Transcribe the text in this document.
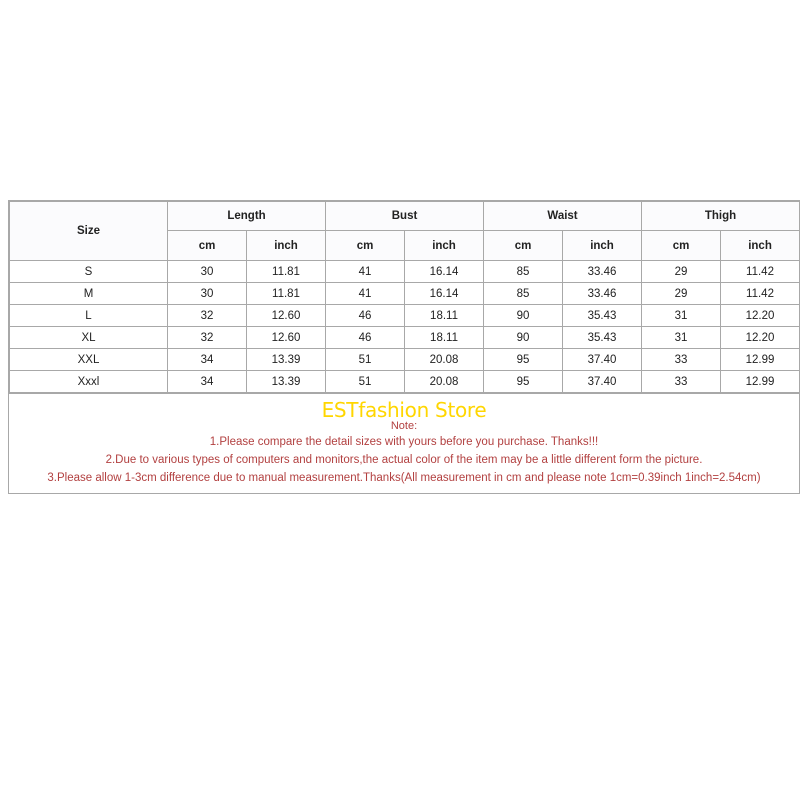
Size	Length		Bust		Waist		Thigh	
	cm	inch	cm	inch	cm	inch	cm	inch
S	30	11.81	41	16.14	85	33.46	29	11.42
M	30	11.81	41	16.14	85	33.46	29	11.42
L	32	12.60	46	18.11	90	35.43	31	12.20
XL	32	12.60	46	18.11	90	35.43	31	12.20
XXL	34	13.39	51	20.08	95	37.40	33	12.99
Xxxl	34	13.39	51	20.08	95	37.40	33	12.99
ESTfashion Store
Note:
1.Please compare the detail sizes with yours before you purchase. Thanks!!!
2.Due to various types of computers and monitors,the actual color of the item may be a little different form the picture.
3.Please allow 1-3cm difference due to manual measurement.Thanks(All measurement in cm and please note 1cm=0.39inch 1inch=2.54cm)
